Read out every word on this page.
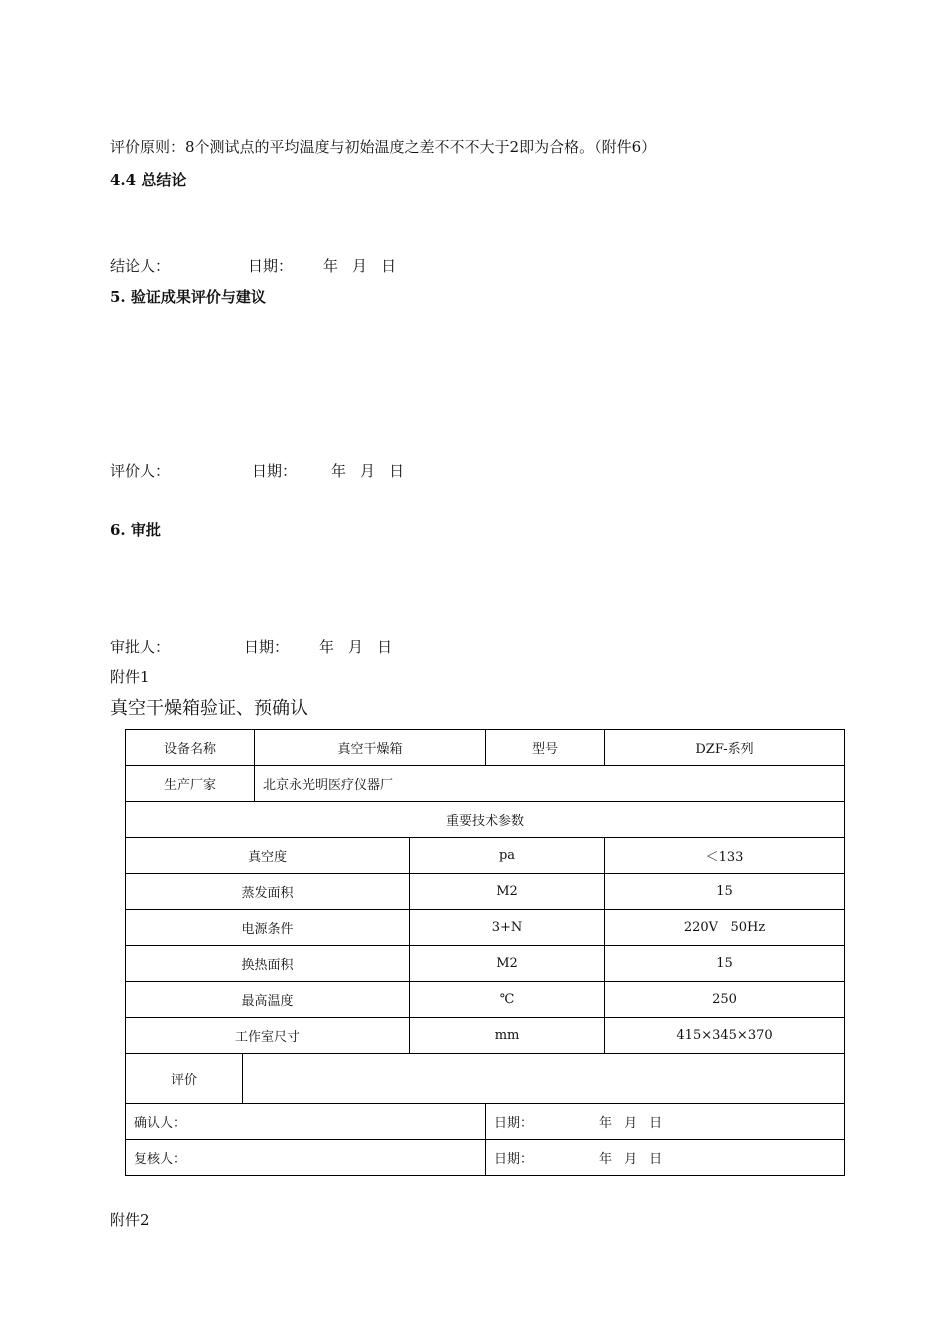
评价原则：8个测试点的平均温度与初始温度之差不不不大于2即为合格。（附件6）
4.4 总结论
结论人：	日期： 年 月 日
5. 验证成果评价与建议
评价人：	日期： 年 月 日
6. 审批
审批人：	日期： 年 月 日
附件1
真空干燥箱验证、预确认
设备名称		真空干燥箱		型号	DZF-系列
生产厂家		北京永光明医疗仪器厂			
重要技术参数					
真空度			pa		＜133
蒸发面积			M2		15
电源条件			3+N		220V   50Hz
换热面积			M2		15
最高温度			℃		250
工作室尺寸			mm		415×345×370
评价					
确认人：				日期： 年 月 日	
复核人：				日期： 年 月 日	
附件2
